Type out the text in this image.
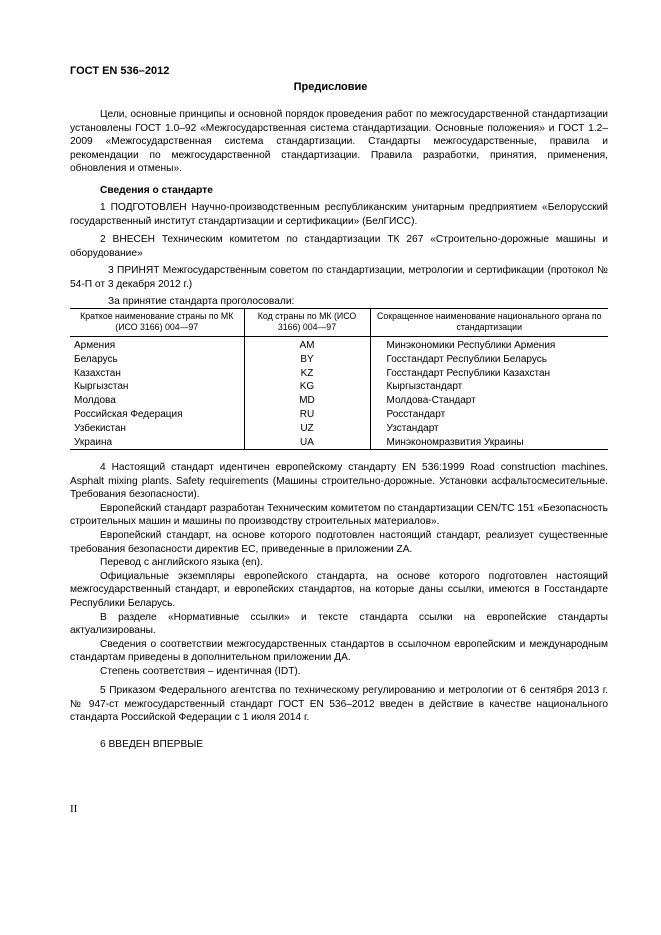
ГОСТ EN 536–2012
Предисловие

Цели, основные принципы и основной порядок проведения работ по межгосударственной стандартизации установлены ГОСТ 1.0–92 «Межгосударственная система стандартизации. Основные положения» и ГОСТ 1.2–2009 «Межгосударственная система стандартизации. Стандарты межгосударственные, правила и рекомендации по межгосударственной стандартизации. Правила разработки, принятия, применения, обновления и отмены».

Сведения о стандарте

1 ПОДГОТОВЛЕН Научно-производственным республиканским унитарным предприятием «Белорусский государственный институт стандартизации и сертификации» (БелГИСС).

2 ВНЕСЕН Техническим комитетом по стандартизации ТК 267 «Строительно-дорожные машины и оборудование»

3 ПРИНЯТ Межгосударственным советом по стандартизации, метрологии и сертификации (протокол № 54-П от 3 декабря 2012 г.)

За принятие стандарта проголосовали:

Краткое наименование страны по МК (ИСО 3166) 004—97	Код страны по МК (ИСО 3166) 004—97	Сокращенное наименование национального органа по стандартизации
Армения	AM	Минэкономики Республики Армения
Беларусь	BY	Госстандарт Республики Беларусь
Казахстан	KZ	Госстандарт Республики Казахстан
Кыргызстан	KG	Кыргызстандарт
Молдова	MD	Молдова-Стандарт
Российская Федерация	RU	Росстандарт
Узбекистан	UZ	Узстандарт
Украина	UA	Минэкономразвития Украины

4 Настоящий стандарт идентичен европейскому стандарту EN 536:1999 Road construction machines. Asphalt mixing plants. Safety requirements (Машины строительно-дорожные. Установки асфальтосмесительные. Требования безопасности).

Европейский стандарт разработан Техническим комитетом по стандартизации CEN/TC 151 «Безопасность строительных машин и машины по производству строительных материалов».

Европейский стандарт, на основе которого подготовлен настоящий стандарт, реализует существенные требования безопасности директив ЕС, приведенные в приложении ZA.

Перевод с английского языка (en).

Официальные экземпляры европейского стандарта, на основе которого подготовлен настоящий межгосударственный стандарт, и европейских стандартов, на которые даны ссылки, имеются в Госстандарте Республики Беларусь.

В разделе «Нормативные ссылки» и тексте стандарта ссылки на европейские стандарты актуализированы.

Сведения о соответствии межгосударственных стандартов в ссылочном европейским и международным стандартам приведены в дополнительном приложении ДА.

Степень соответствия – идентичная (IDT).

5 Приказом Федерального агентства по техническому регулированию и метрологии от 6 сентября 2013 г. № 947-ст межгосударственный стандарт ГОСТ EN 536–2012 введен в действие в качестве национального стандарта Российской Федерации с 1 июля 2014 г.

6 ВВЕДЕН ВПЕРВЫЕ

II
